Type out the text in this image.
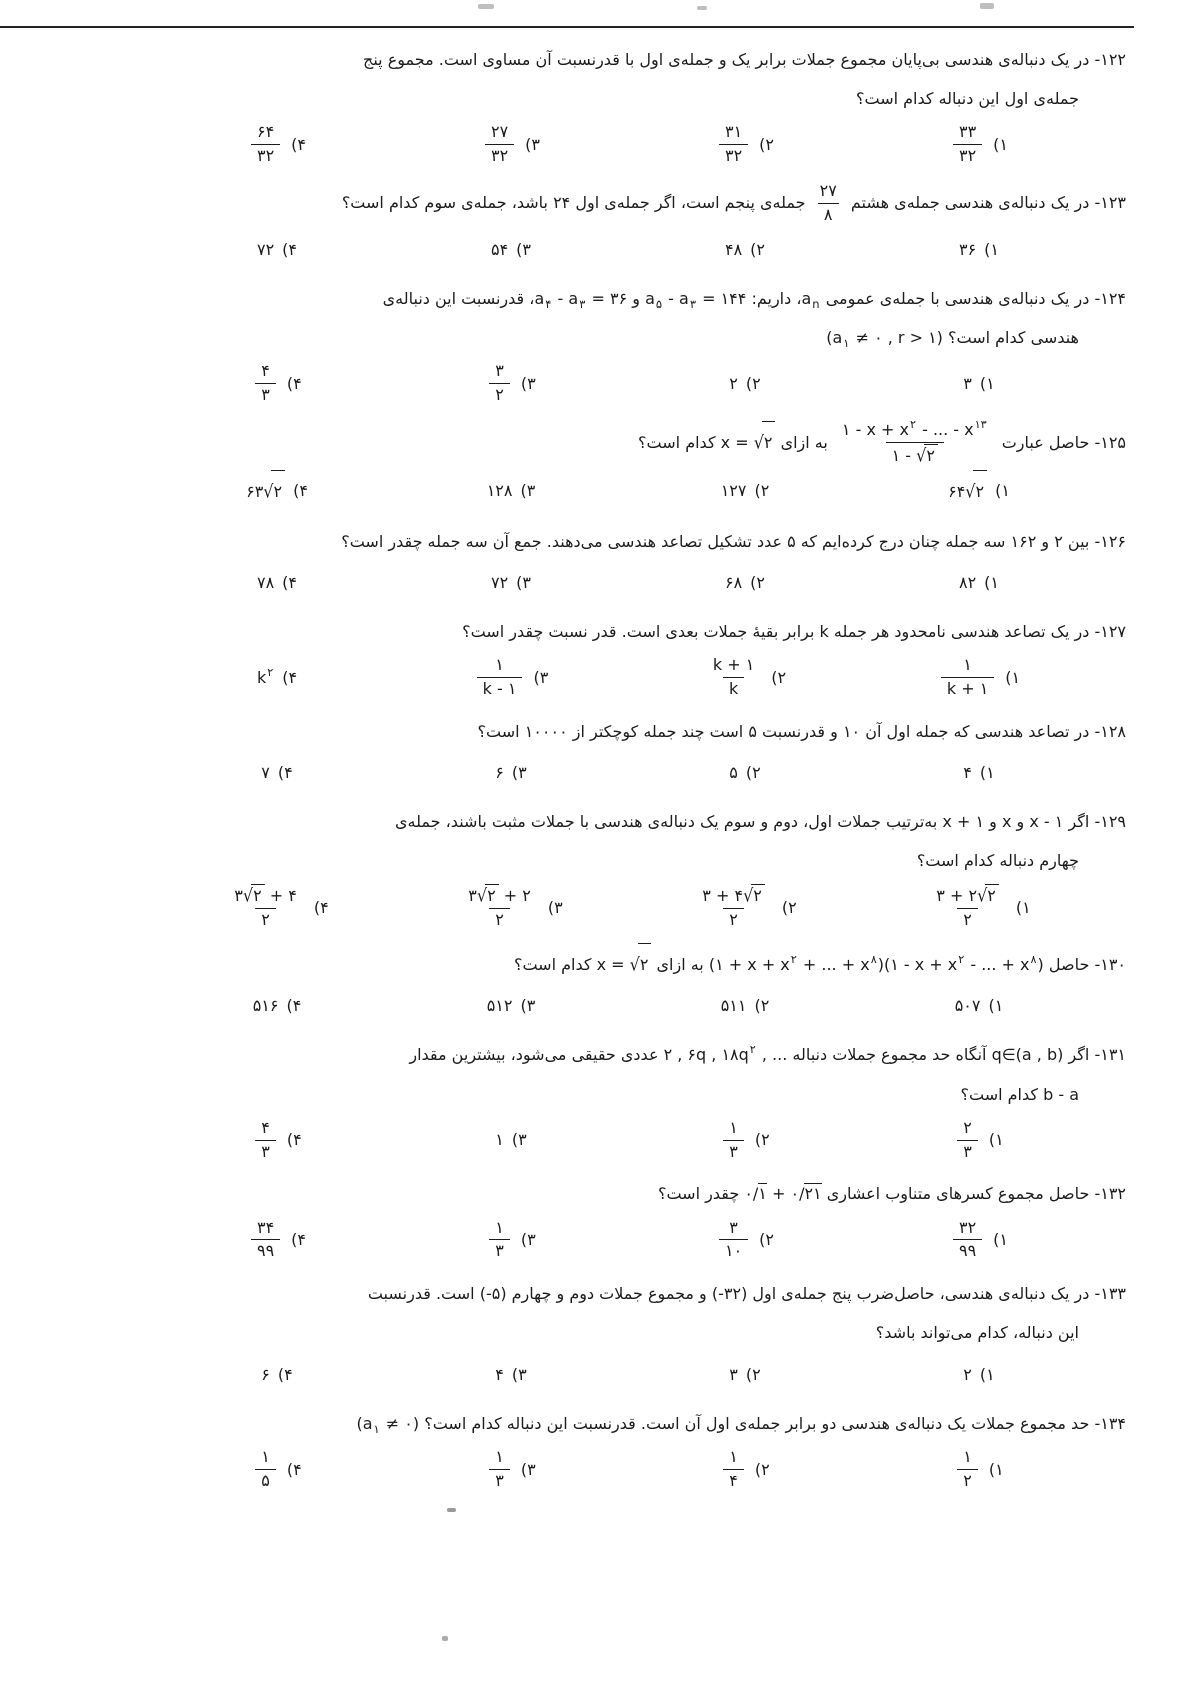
۱۲۲- در یک دنباله‌ی هندسی بی‌پایان مجموع جملات برابر یک و جمله‌ی اول با قدرنسبت آن مساوی است. مجموع پنج
جمله‌ی اول این دنباله کدام است؟
۱)
$\frac{۳۳}{۳۲}$
۲)
$\frac{۳۱}{۳۲}$
۳)
$\frac{۲۷}{۳۲}$
۴)
$\frac{۶۴}{۳۲}$
۱۲۳- در یک دنباله‌ی هندسی جمله‌ی هشتم
$\frac{۲۷}{۸}$
جمله‌ی پنجم است، اگر جمله‌ی اول ۲۴ باشد، جمله‌ی سوم کدام است؟
۱)
۳۶
۲)
۴۸
۳)
۵۴
۴)
۷۲
۱۲۴- در یک دنباله‌ی هندسی با جمله‌ی عمومی an، داریم: a۵ - a۳ = ۱۴۴ و a۴ - a۳ = ۳۶، قدرنسبت این دنباله‌ی
هندسی کدام است؟ (a۱ ≠ ۰ , r > ۱)
۱)
۳
۲)
۲
۳)
$\frac{۳}{۲}$
۴)
$\frac{۴}{۳}$
۱۲۵- حاصل عبارت
$\frac{۱ - x + x۲ - ... - x۱۳}{۱ - √۲}$
به ازای x = √۲ کدام است؟
۱)
۶۴√۲
۲)
۱۲۷
۳)
۱۲۸
۴)
۶۳√۲
۱۲۶- بین ۲ و ۱۶۲ سه جمله چنان درج کرده‌ایم که ۵ عدد تشکیل تصاعد هندسی می‌دهند. جمع آن سه جمله چقدر است؟
۱)
۸۲
۲)
۶۸
۳)
۷۲
۴)
۷۸
۱۲۷- در یک تصاعد هندسی نامحدود هر جمله k برابر بقیۀ جملات بعدی است. قدر نسبت چقدر است؟
۱)
$\frac{۱}{k + ۱}$
۲)
$\frac{k + ۱}{k}$
۳)
$\frac{۱}{k - ۱}$
۴)
k۲
۱۲۸- در تصاعد هندسی که جمله اول آن ۱۰ و قدرنسبت ۵ است چند جمله کوچکتر از ۱۰۰۰۰ است؟
۱)
۴
۲)
۵
۳)
۶
۴)
۷
۱۲۹- اگر x - ۱ و x و x + ۱ به‌ترتیب جملات اول، دوم و سوم یک دنباله‌ی هندسی با جملات مثبت باشند، جمله‌ی
چهارم دنباله کدام است؟
۱)
$\frac{۳ + ۲√۲}{۲}$
۲)
$\frac{۳ + ۴√۲}{۲}$
۳)
$\frac{۳√۲ + ۲}{۲}$
۴)
$\frac{۳√۲ + ۴}{۲}$
۱۳۰- حاصل (۱ + x + x۲ + ... + x۸)(۱ - x + x۲ - ... + x۸) به ازای x = √۲ کدام است؟
۱)
۵۰۷
۲)
۵۱۱
۳)
۵۱۲
۴)
۵۱۶
۱۳۱- اگر q∈(a , b) آنگاه حد مجموع جملات دنباله ۲ , ۶q , ۱۸q۲ , ... عددی حقیقی می‌شود، بیشترین مقدار
b - a کدام است؟
۱)
$\frac{۲}{۳}$
۲)
$\frac{۱}{۳}$
۳)
۱
۴)
$\frac{۴}{۳}$
۱۳۲- حاصل مجموع کسرهای متناوب اعشاری ۰/۲۱ + ۰/۱ چقدر است؟
۱)
$\frac{۳۲}{۹۹}$
۲)
$\frac{۳}{۱۰}$
۳)
$\frac{۱}{۳}$
۴)
$\frac{۳۴}{۹۹}$
۱۳۳- در یک دنباله‌ی هندسی، حاصل‌ضرب پنج جمله‌ی اول (-۳۲) و مجموع جملات دوم و چهارم (-۵) است. قدرنسبت
این دنباله، کدام می‌تواند باشد؟
۱)
۲
۲)
۳
۳)
۴
۴)
۶
۱۳۴- حد مجموع جملات یک دنباله‌ی هندسی دو برابر جمله‌ی اول آن است. قدرنسبت این دنباله کدام است؟ (a۱ ≠ ۰)
۱)
$\frac{۱}{۲}$
۲)
$\frac{۱}{۴}$
۳)
$\frac{۱}{۳}$
۴)
$\frac{۱}{۵}$
